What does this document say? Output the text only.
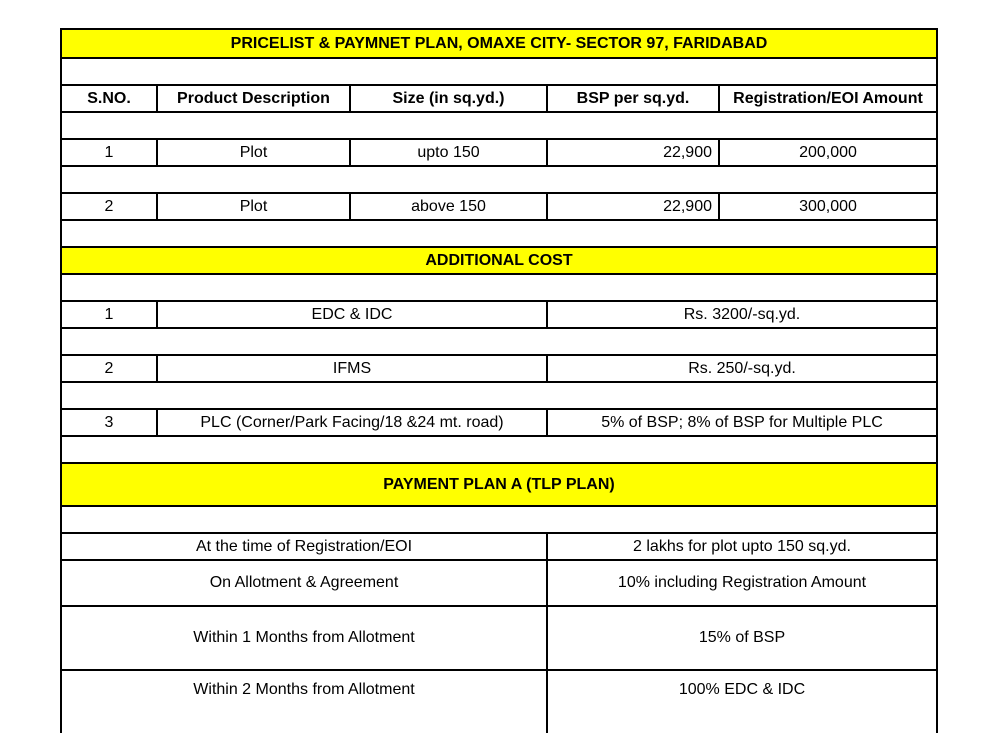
PRICELIST & PAYMNET PLAN, OMAXE CITY- SECTOR 97, FARIDABAD
S.NO.	Product Description	Size (in sq.yd.)	BSP per sq.yd.	Registration/EOI Amount
1	Plot	upto 150	22,900	200,000
2	Plot	above 150	22,900	300,000
ADDITIONAL COST
1	EDC & IDC	Rs. 3200/-sq.yd.
2	IFMS	Rs. 250/-sq.yd.
3	PLC (Corner/Park Facing/18 &24 mt. road)	5% of BSP; 8% of BSP for Multiple PLC
PAYMENT PLAN A (TLP PLAN)
At the time of Registration/EOI	2 lakhs for plot upto 150 sq.yd.
On Allotment & Agreement	10% including Registration Amount
Within 1 Months from Allotment	15% of BSP
Within 2 Months from Allotment	100% EDC & IDC
